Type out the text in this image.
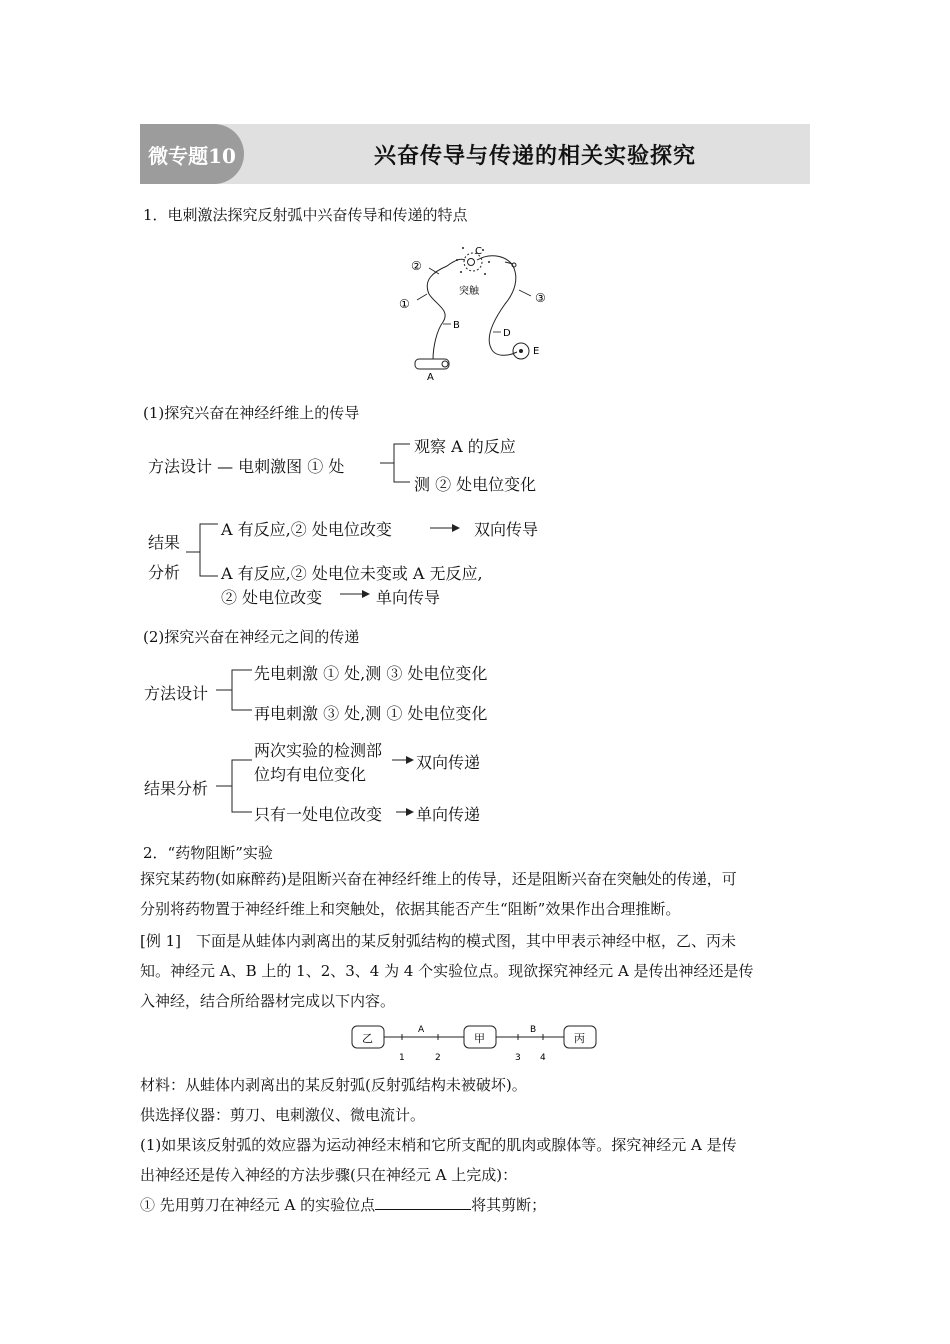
微专题10	兴奋传导与传递的相关实验探究
1．电刺激法探究反射弧中兴奋传导和传递的特点
C
突触
②
①	③
B
D
E
A
(1)探究兴奋在神经纤维上的传导
方法设计 — 电刺激图 ① 处
观察 A 的反应
测 ② 处电位变化
结果
分析
A 有反应,② 处电位改变	双向传导
A 有反应,② 处电位未变或 A 无反应,
② 处电位改变	单向传导
(2)探究兴奋在神经元之间的传递
方法设计
先电刺激 ① 处,测 ③ 处电位变化
再电刺激 ③ 处,测 ① 处电位变化
结果分析
两次实验的检测部
位均有电位变化
双向传递
只有一处电位改变 单向传递
2．“药物阻断”实验
探究某药物(如麻醉药)是阻断兴奋在神经纤维上的传导，还是阻断兴奋在突触处的传递，可
分别将药物置于神经纤维上和突触处，依据其能否产生“阻断”效果作出合理推断。
[例 1]　下面是从蛙体内剥离出的某反射弧结构的模式图，其中甲表示神经中枢，乙、丙未
知。神经元 A、B 上的 1、2、3、4 为 4 个实验位点。现欲探究神经元 A 是传出神经还是传
入神经，结合所给器材完成以下内容。
乙	甲	丙
A	B
1	2	3 4
材料：从蛙体内剥离出的某反射弧(反射弧结构未被破坏)。
供选择仪器：剪刀、电刺激仪、微电流计。
(1)如果该反射弧的效应器为运动神经末梢和它所支配的肌肉或腺体等。探究神经元 A 是传
出神经还是传入神经的方法步骤(只在神经元 A 上完成)：
① 先用剪刀在神经元 A 的实验位点	将其剪断；
